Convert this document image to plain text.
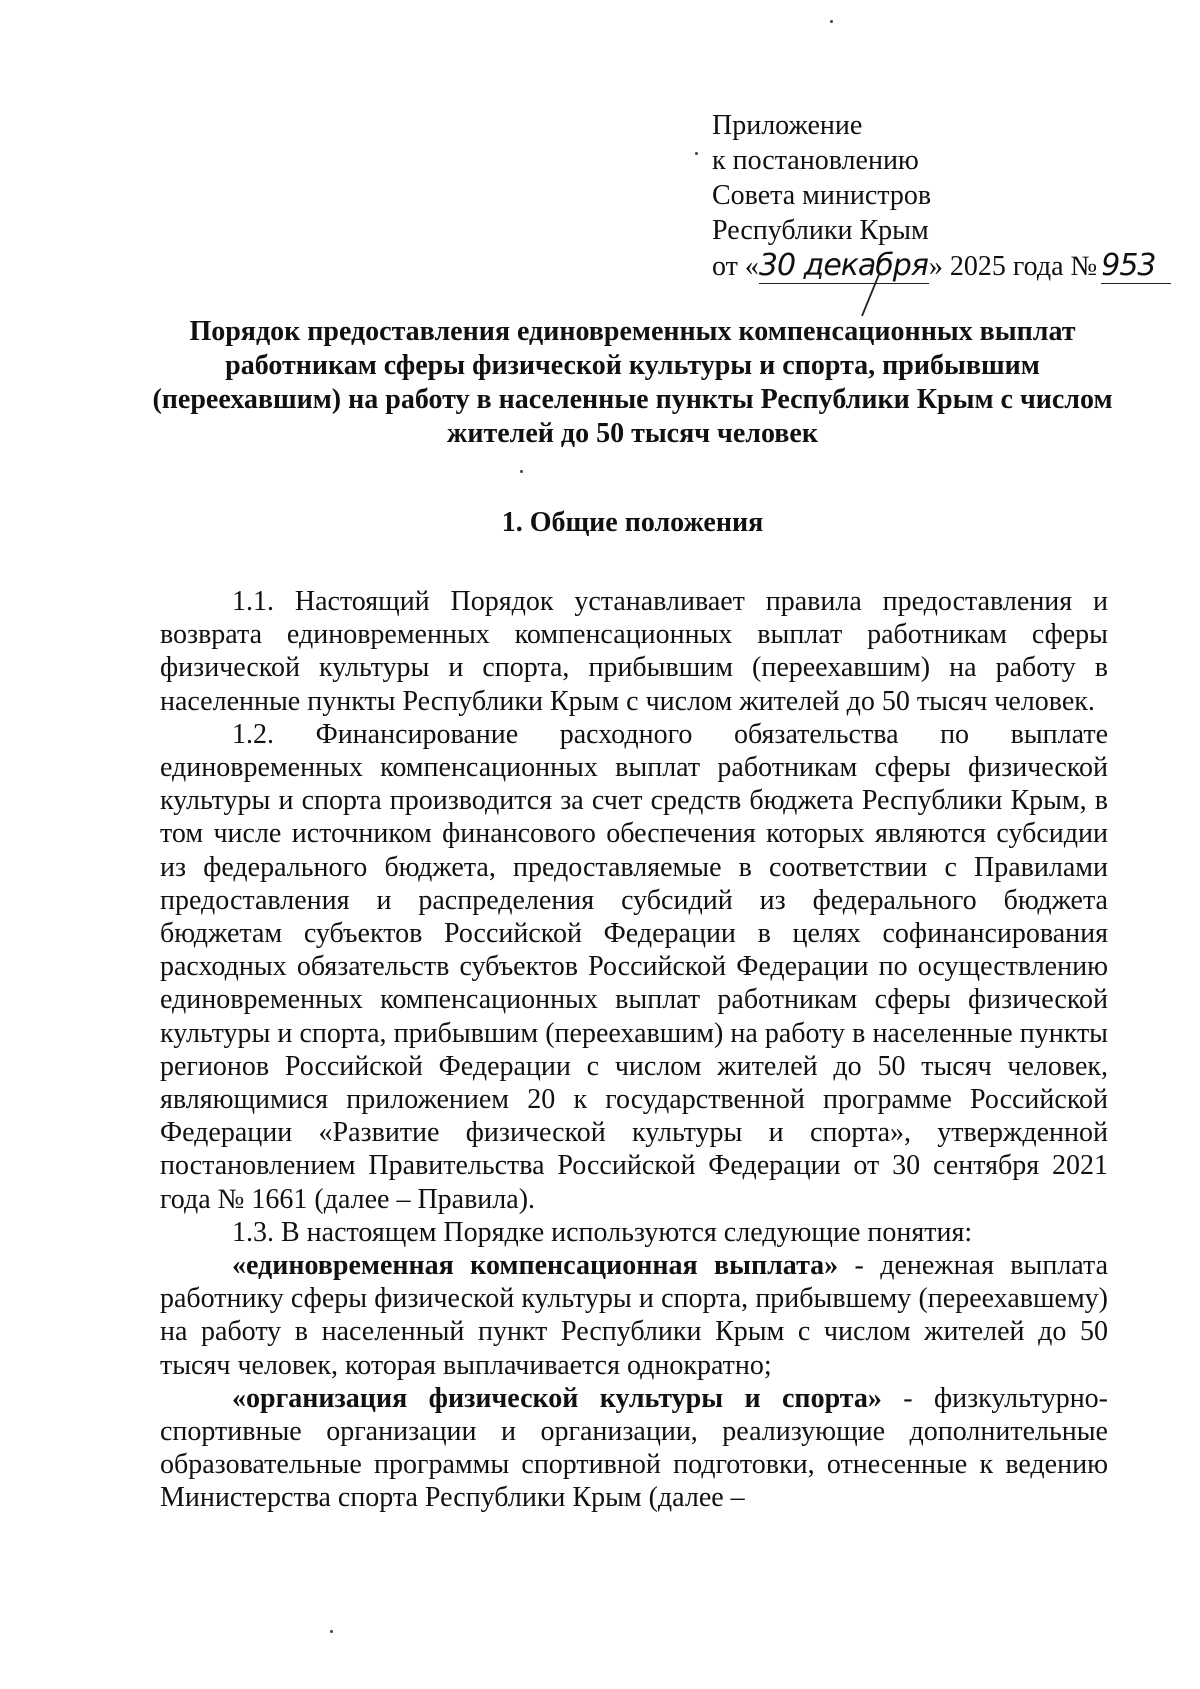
Приложение
к постановлению
Совета министров
Республики Крым
от «30 декабря» 2025 года № 953
Порядок предоставления единовременных компенсационных выплат работникам сферы физической культуры и спорта, прибывшим (переехавшим) на работу в населенные пункты Республики Крым с числом жителей до 50 тысяч человек
1. Общие положения

1.1. Настоящий Порядок устанавливает правила предоставления и возврата единовременных компенсационных выплат работникам сферы физической культуры и спорта, прибывшим (переехавшим) на работу в населенные пункты Республики Крым с числом жителей до 50 тысяч человек.

1.2. Финансирование расходного обязательства по выплате единовременных компенсационных выплат работникам сферы физической культуры и спорта производится за счет средств бюджета Республики Крым, в том числе источником финансового обеспечения которых являются субсидии из федерального бюджета, предоставляемые в соответствии с Правилами предоставления и распределения субсидий из федерального бюджета бюджетам субъектов Российской Федерации в целях софинансирования расходных обязательств субъектов Российской Федерации по осуществлению единовременных компенсационных выплат работникам сферы физической культуры и спорта, прибывшим (переехавшим) на работу в населенные пункты регионов Российской Федерации с числом жителей до 50 тысяч человек, являющимися приложением 20 к государственной программе Российской Федерации «Развитие физической культуры и спорта», утвержденной постановлением Правительства Российской Федерации от 30 сентября 2021 года № 1661 (далее – Правила).

1.3. В настоящем Порядке используются следующие понятия:

«единовременная компенсационная выплата» - денежная выплата работнику сферы физической культуры и спорта, прибывшему (переехавшему) на работу в населенный пункт Республики Крым с числом жителей до 50 тысяч человек, которая выплачивается однократно;

«организация физической культуры и спорта» - физкультурно-спортивные организации и организации, реализующие дополнительные образовательные программы спортивной подготовки, отнесенные к ведению Министерства спорта Республики Крым (далее –
